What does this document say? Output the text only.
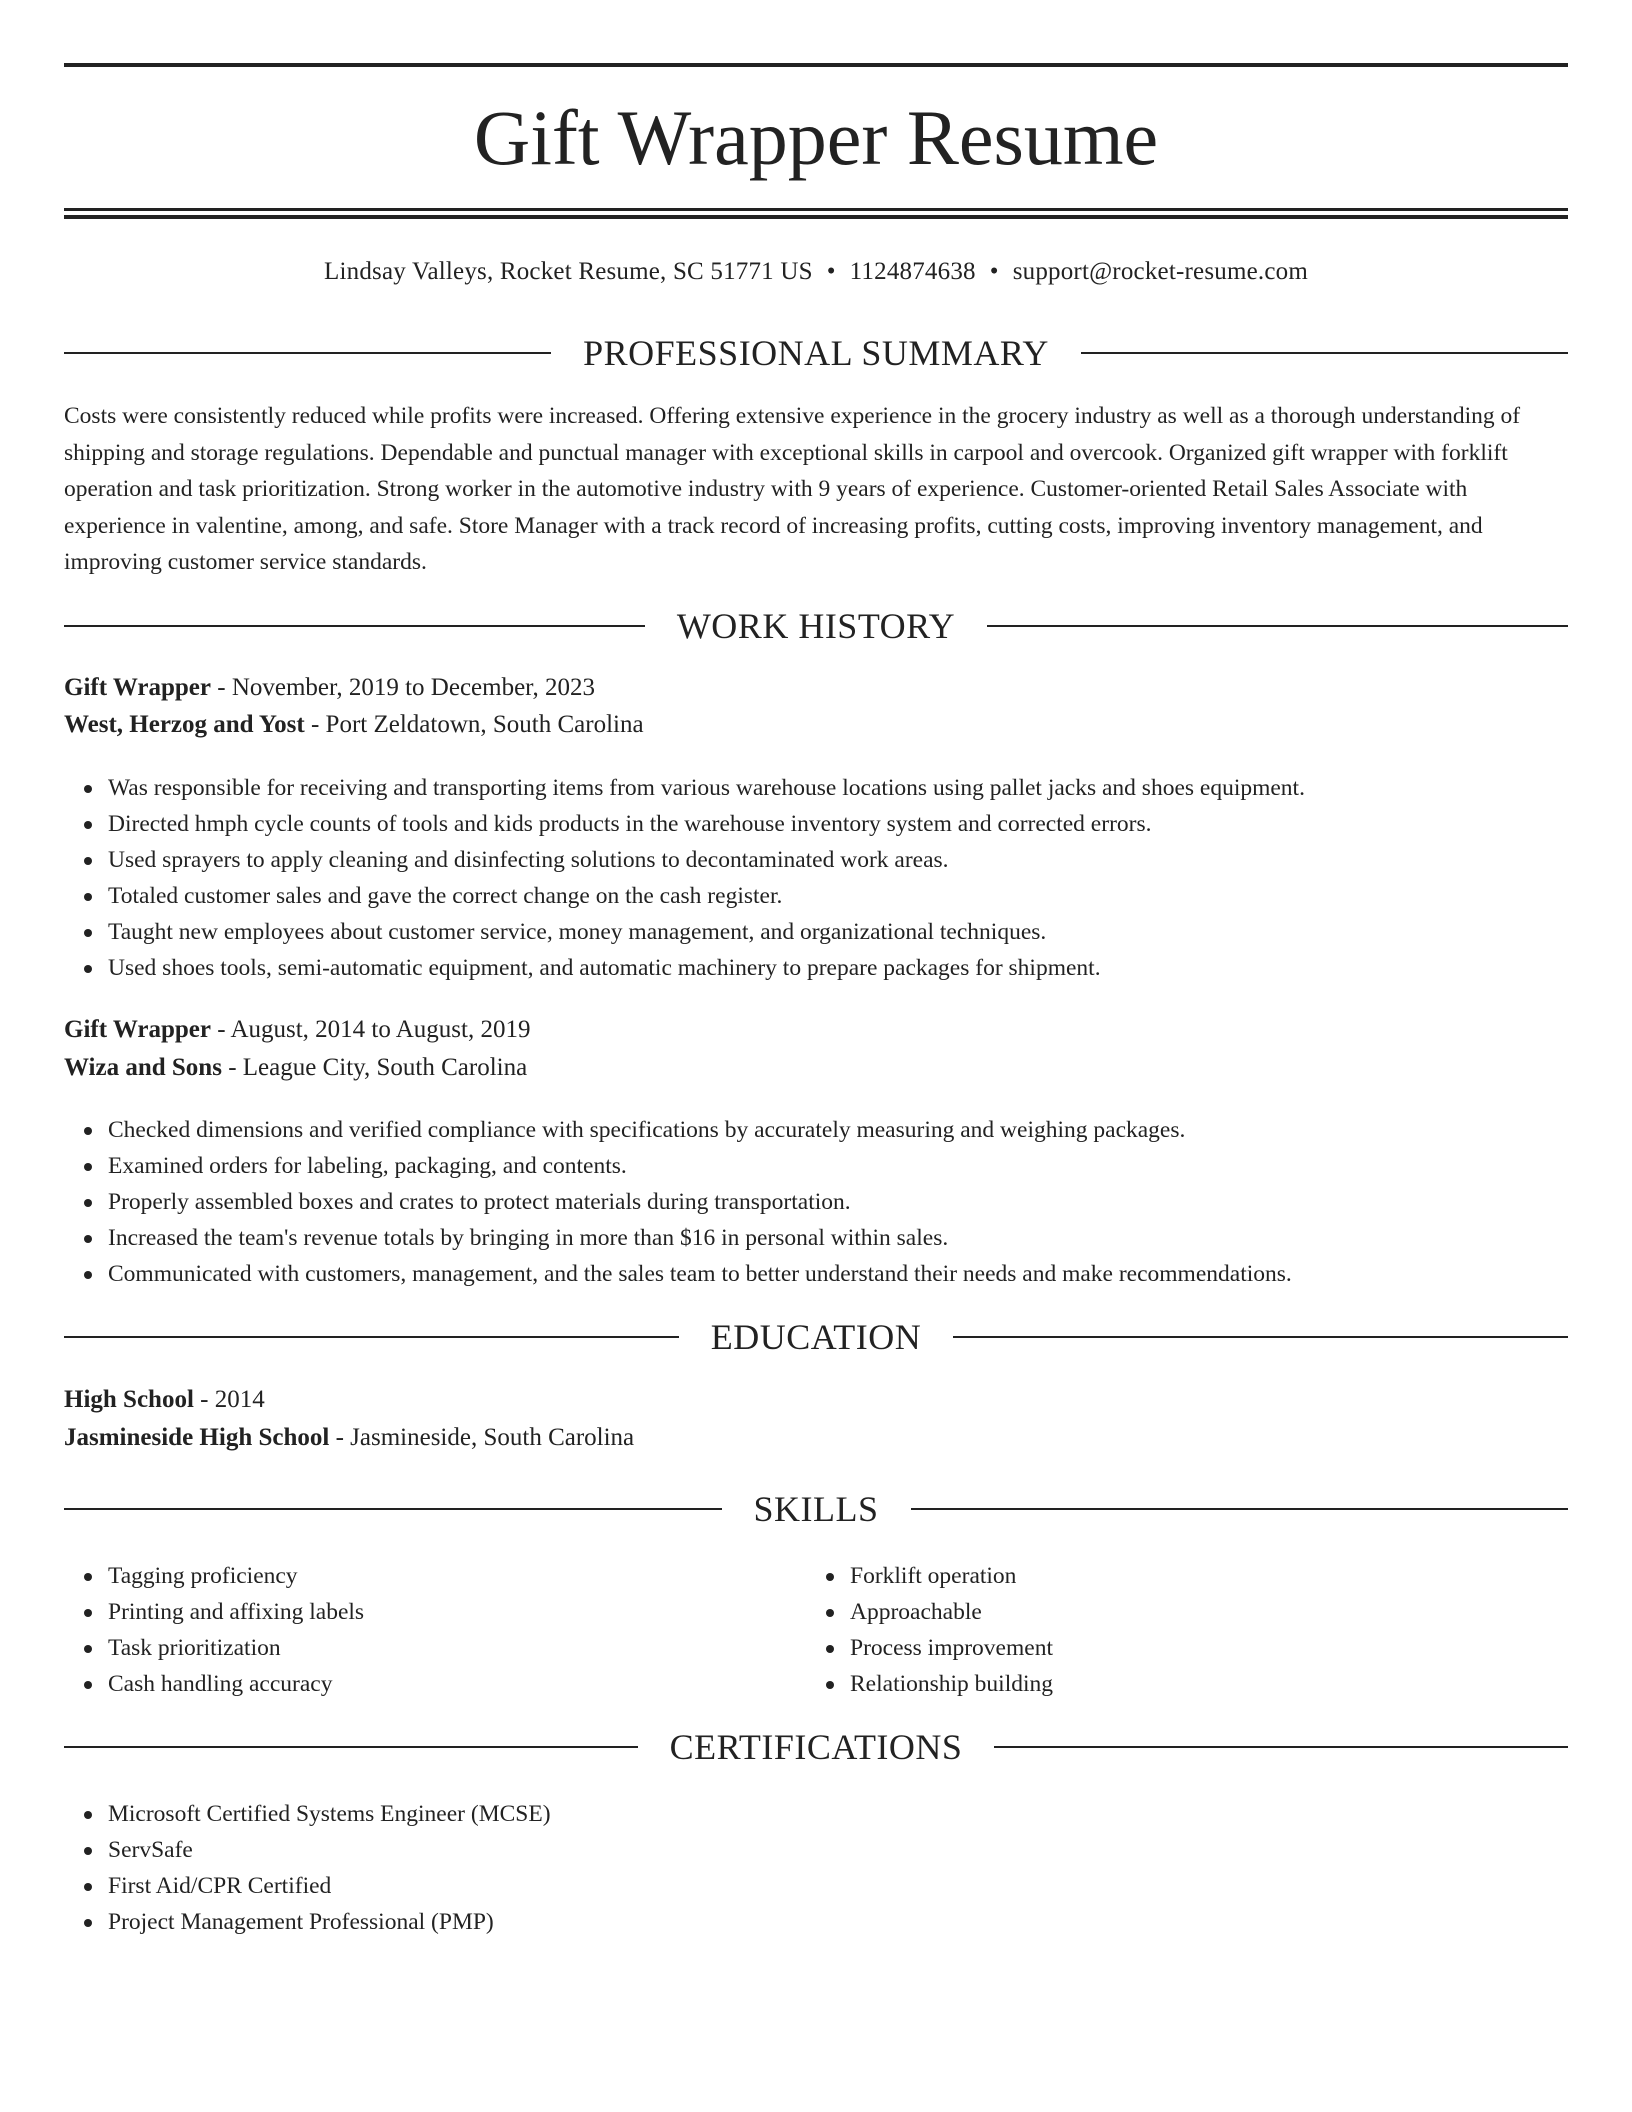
Gift Wrapper Resume
Lindsay Valleys, Rocket Resume, SC 51771 US • 1124874638 • support@rocket-resume.com
PROFESSIONAL SUMMARY

Costs were consistently reduced while profits were increased. Offering extensive experience in the grocery industry as well as a thorough understanding of shipping and storage regulations. Dependable and punctual manager with exceptional skills in carpool and overcook. Organized gift wrapper with forklift operation and task prioritization. Strong worker in the automotive industry with 9 years of experience. Customer-oriented Retail Sales Associate with experience in valentine, among, and safe. Store Manager with a track record of increasing profits, cutting costs, improving inventory management, and improving customer service standards.

WORK HISTORY
Gift Wrapper - November, 2019 to December, 2023
West, Herzog and Yost - Port Zeldatown, South Carolina
Was responsible for receiving and transporting items from various warehouse locations using pallet jacks and shoes equipment.
Directed hmph cycle counts of tools and kids products in the warehouse inventory system and corrected errors.
Used sprayers to apply cleaning and disinfecting solutions to decontaminated work areas.
Totaled customer sales and gave the correct change on the cash register.
Taught new employees about customer service, money management, and organizational techniques.
Used shoes tools, semi-automatic equipment, and automatic machinery to prepare packages for shipment.
Gift Wrapper - August, 2014 to August, 2019
Wiza and Sons - League City, South Carolina
Checked dimensions and verified compliance with specifications by accurately measuring and weighing packages.
Examined orders for labeling, packaging, and contents.
Properly assembled boxes and crates to protect materials during transportation.
Increased the team's revenue totals by bringing in more than $16 in personal within sales.
Communicated with customers, management, and the sales team to better understand their needs and make recommendations.
EDUCATION
High School - 2014
Jasmineside High School - Jasmineside, South Carolina
SKILLS
Tagging proficiency
Printing and affixing labels
Task prioritization
Cash handling accuracy
Forklift operation
Approachable
Process improvement
Relationship building
CERTIFICATIONS
Microsoft Certified Systems Engineer (MCSE)
ServSafe
First Aid/CPR Certified
Project Management Professional (PMP)
